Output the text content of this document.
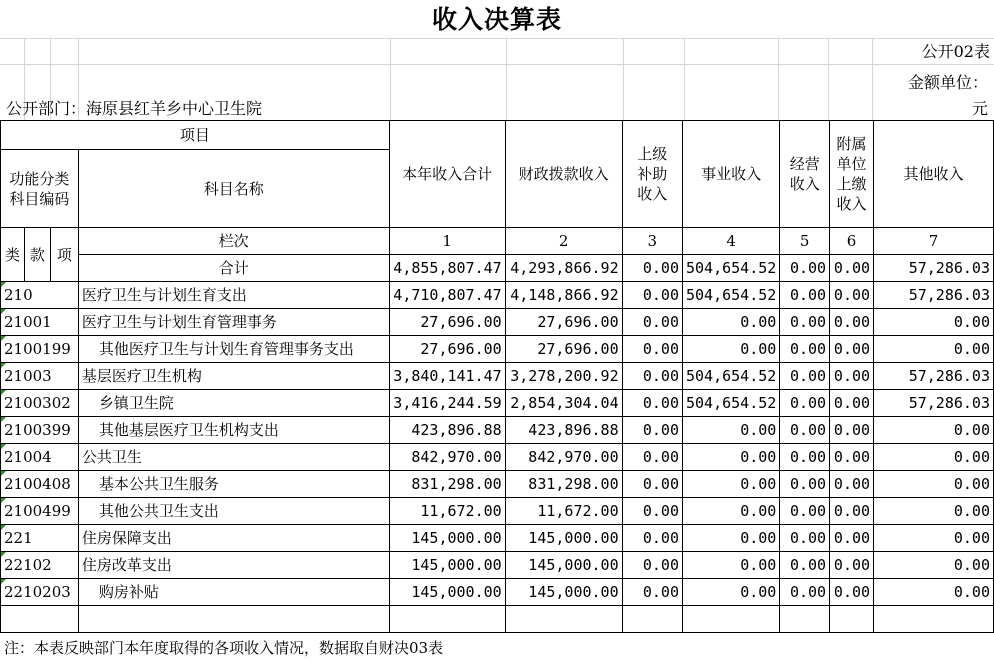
收入决算表
公开02表
金额单位：
元
公开部门：海原县红羊乡中心卫生院
项目				本年收入合计	财政拨款收入	上级补助收入	事业收入	经营收入	附属单位上缴收入	其他收入
功能分类科目编码			科目名称							
类	款	项	栏次	1	2	3	4	5	6	7
			合计	4,855,807.47	4,293,866.92	0.00	504,654.52	0.00	0.00	57,286.03
210			医疗卫生与计划生育支出	4,710,807.47	4,148,866.92	0.00	504,654.52	0.00	0.00	57,286.03
21001			医疗卫生与计划生育管理事务	27,696.00	27,696.00	0.00	0.00	0.00	0.00	0.00
2100199			其他医疗卫生与计划生育管理事务支出	27,696.00	27,696.00	0.00	0.00	0.00	0.00	0.00
21003			基层医疗卫生机构	3,840,141.47	3,278,200.92	0.00	504,654.52	0.00	0.00	57,286.03
2100302			乡镇卫生院	3,416,244.59	2,854,304.04	0.00	504,654.52	0.00	0.00	57,286.03
2100399			其他基层医疗卫生机构支出	423,896.88	423,896.88	0.00	0.00	0.00	0.00	0.00
21004			公共卫生	842,970.00	842,970.00	0.00	0.00	0.00	0.00	0.00
2100408			基本公共卫生服务	831,298.00	831,298.00	0.00	0.00	0.00	0.00	0.00
2100499			其他公共卫生支出	11,672.00	11,672.00	0.00	0.00	0.00	0.00	0.00
221			住房保障支出	145,000.00	145,000.00	0.00	0.00	0.00	0.00	0.00
22102			住房改革支出	145,000.00	145,000.00	0.00	0.00	0.00	0.00	0.00
2210203			购房补贴	145,000.00	145,000.00	0.00	0.00	0.00	0.00	0.00

注：本表反映部门本年度取得的各项收入情况，数据取自财决03表
